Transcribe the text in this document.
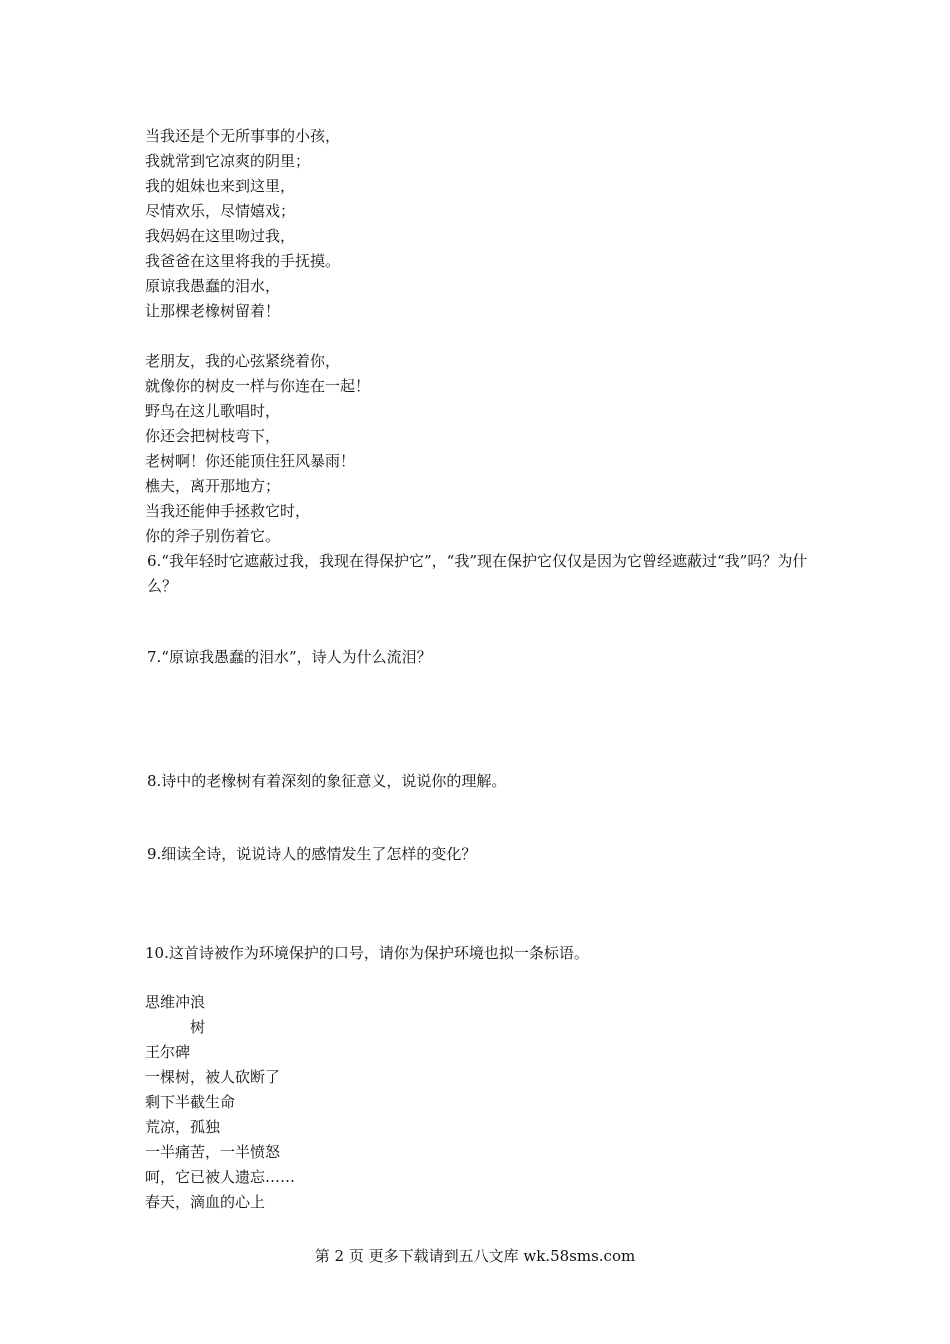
当我还是个无所事事的小孩，
我就常到它凉爽的阴里；
我的姐妹也来到这里，
尽情欢乐，尽情嬉戏；
我妈妈在这里吻过我，
我爸爸在这里将我的手抚摸。
原谅我愚蠢的泪水，
让那棵老橡树留着！
老朋友，我的心弦紧绕着你，
就像你的树皮一样与你连在一起！
野鸟在这儿歌唱时，
你还会把树枝弯下，
老树啊！你还能顶住狂风暴雨！
樵夫，离开那地方；
当我还能伸手拯救它时，
你的斧子别伤着它。
6.“我年轻时它遮蔽过我，我现在得保护它”，“我”现在保护它仅仅是因为它曾经遮蔽过“我”吗？为什么？
7.“原谅我愚蠢的泪水”，诗人为什么流泪？
8.诗中的老橡树有着深刻的象征意义，说说你的理解。
9.细读全诗，说说诗人的感情发生了怎样的变化？
10.这首诗被作为环境保护的口号，请你为保护环境也拟一条标语。
思维冲浪
树
王尔碑
一棵树，被人砍断了
剩下半截生命
荒凉，孤独
一半痛苦，一半愤怒
呵，它已被人遗忘……
春天，滴血的心上
第 2 页 更多下载请到五八文库 wk.58sms.com
